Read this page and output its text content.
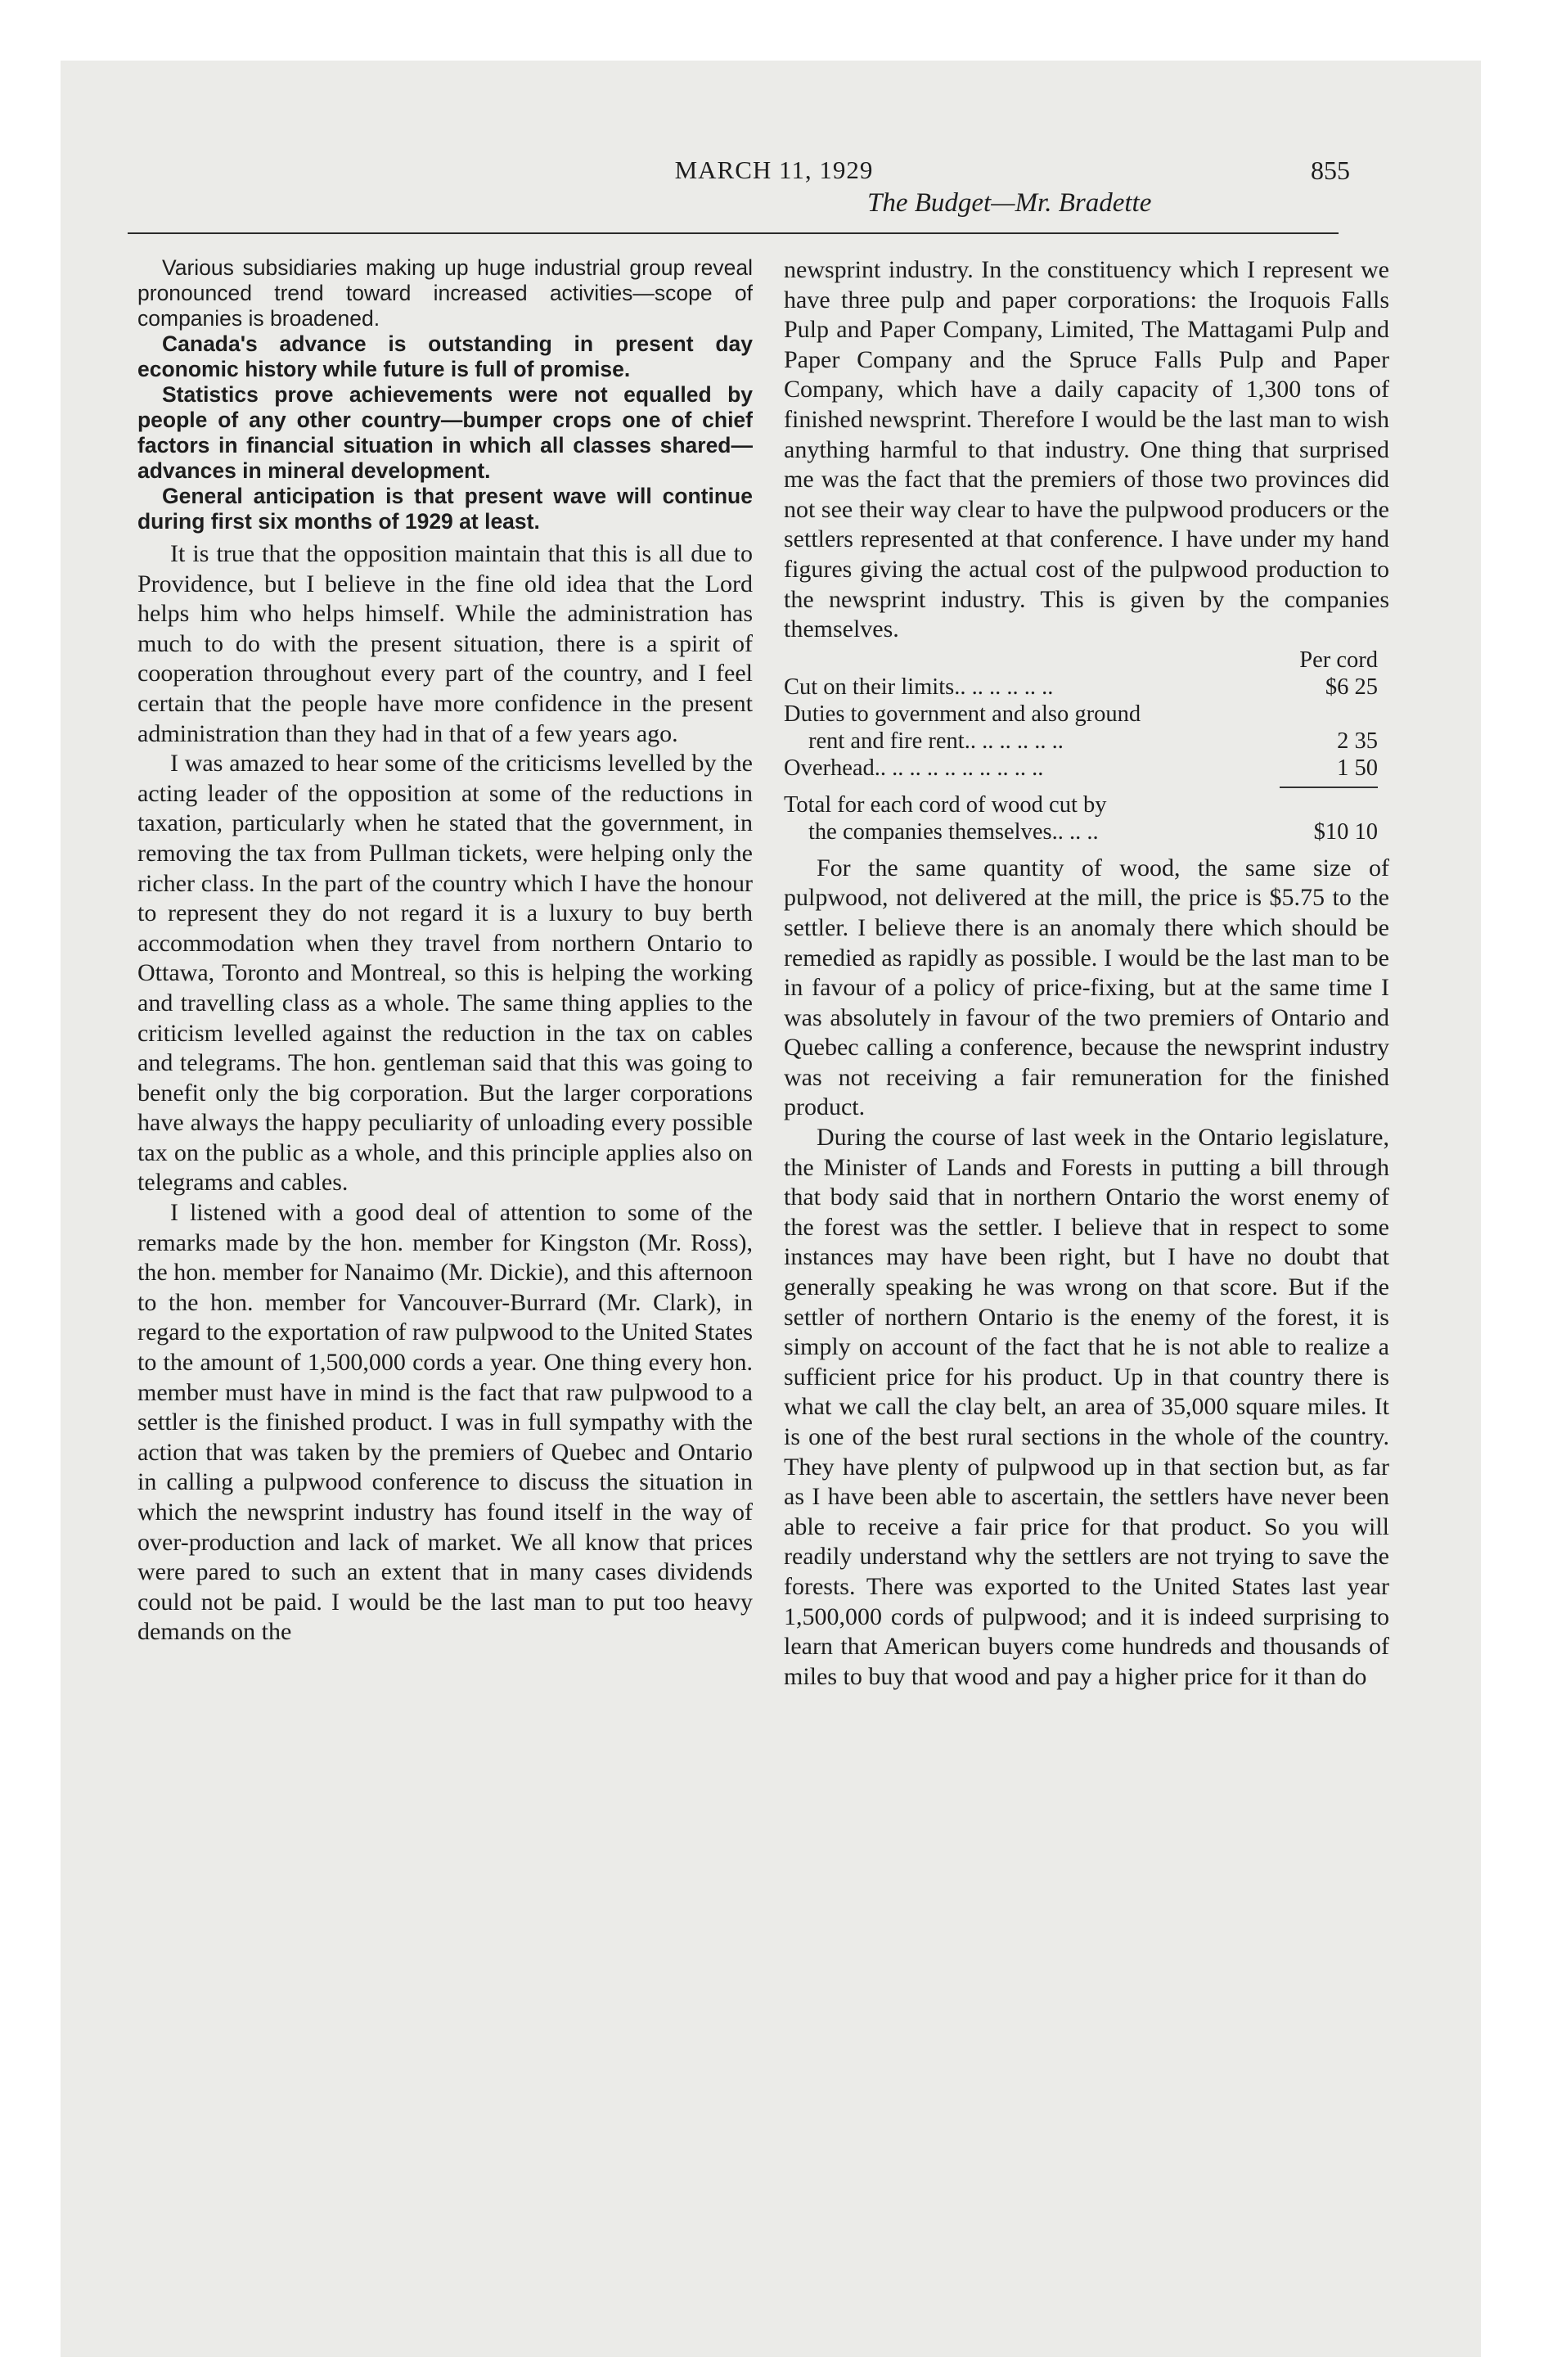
MARCH 11, 1929	855
The Budget—Mr. Bradette

Various subsidiaries making up huge industrial group reveal pronounced trend toward increased activities—scope of companies is broadened.

Canada's advance is outstanding in present day economic history while future is full of promise.

Statistics prove achievements were not equalled by people of any other country—bumper crops one of chief factors in financial situation in which all classes shared—advances in mineral development.

General anticipation is that present wave will continue during first six months of 1929 at least.

It is true that the opposition maintain that this is all due to Providence, but I believe in the fine old idea that the Lord helps him who helps himself. While the administration has much to do with the present situation, there is a spirit of cooperation throughout every part of the country, and I feel certain that the people have more confidence in the present administration than they had in that of a few years ago.

I was amazed to hear some of the criticisms levelled by the acting leader of the opposition at some of the reductions in taxation, particularly when he stated that the government, in removing the tax from Pullman tickets, were helping only the richer class. In the part of the country which I have the honour to represent they do not regard it is a luxury to buy berth accommodation when they travel from northern Ontario to Ottawa, Toronto and Montreal, so this is helping the working and travelling class as a whole. The same thing applies to the criticism levelled against the reduction in the tax on cables and telegrams. The hon. gentleman said that this was going to benefit only the big corporation. But the larger corporations have always the happy peculiarity of unloading every possible tax on the public as a whole, and this principle applies also on telegrams and cables.

I listened with a good deal of attention to some of the remarks made by the hon. member for Kingston (Mr. Ross), the hon. member for Nanaimo (Mr. Dickie), and this afternoon to the hon. member for Vancouver-Burrard (Mr. Clark), in regard to the exportation of raw pulpwood to the United States to the amount of 1,500,000 cords a year. One thing every hon. member must have in mind is the fact that raw pulpwood to a settler is the finished product. I was in full sympathy with the action that was taken by the premiers of Quebec and Ontario in calling a pulpwood conference to discuss the situation in which the newsprint industry has found itself in the way of over-production and lack of market. We all know that prices were pared to such an extent that in many cases dividends could not be paid. I would be the last man to put too heavy demands on the

newsprint industry. In the constituency which I represent we have three pulp and paper corporations: the Iroquois Falls Pulp and Paper Company, Limited, The Mattagami Pulp and Paper Company and the Spruce Falls Pulp and Paper Company, which have a daily capacity of 1,300 tons of finished newsprint. Therefore I would be the last man to wish anything harmful to that industry. One thing that surprised me was the fact that the premiers of those two provinces did not see their way clear to have the pulpwood producers or the settlers represented at that conference. I have under my hand figures giving the actual cost of the pulpwood production to the newsprint industry. This is given by the companies themselves.

Per cord
Cut on their limits.. .. .. .. .. ..	$6 25
Duties to government and also ground
rent and fire rent.. .. .. .. .. ..	2 35
Overhead.. .. .. .. .. .. .. .. .. ..	1 50
Total for each cord of wood cut by
the companies themselves.. .. ..	$10 10

For the same quantity of wood, the same size of pulpwood, not delivered at the mill, the price is $5.75 to the settler. I believe there is an anomaly there which should be remedied as rapidly as possible. I would be the last man to be in favour of a policy of price-fixing, but at the same time I was absolutely in favour of the two premiers of Ontario and Quebec calling a conference, because the newsprint industry was not receiving a fair remuneration for the finished product.

During the course of last week in the Ontario legislature, the Minister of Lands and Forests in putting a bill through that body said that in northern Ontario the worst enemy of the forest was the settler. I believe that in respect to some instances may have been right, but I have no doubt that generally speaking he was wrong on that score. But if the settler of northern Ontario is the enemy of the forest, it is simply on account of the fact that he is not able to realize a sufficient price for his product. Up in that country there is what we call the clay belt, an area of 35,000 square miles. It is one of the best rural sections in the whole of the country. They have plenty of pulpwood up in that section but, as far as I have been able to ascertain, the settlers have never been able to receive a fair price for that product. So you will readily understand why the settlers are not trying to save the forests. There was exported to the United States last year 1,500,000 cords of pulpwood; and it is indeed surprising to learn that American buyers come hundreds and thousands of miles to buy that wood and pay a higher price for it than do
